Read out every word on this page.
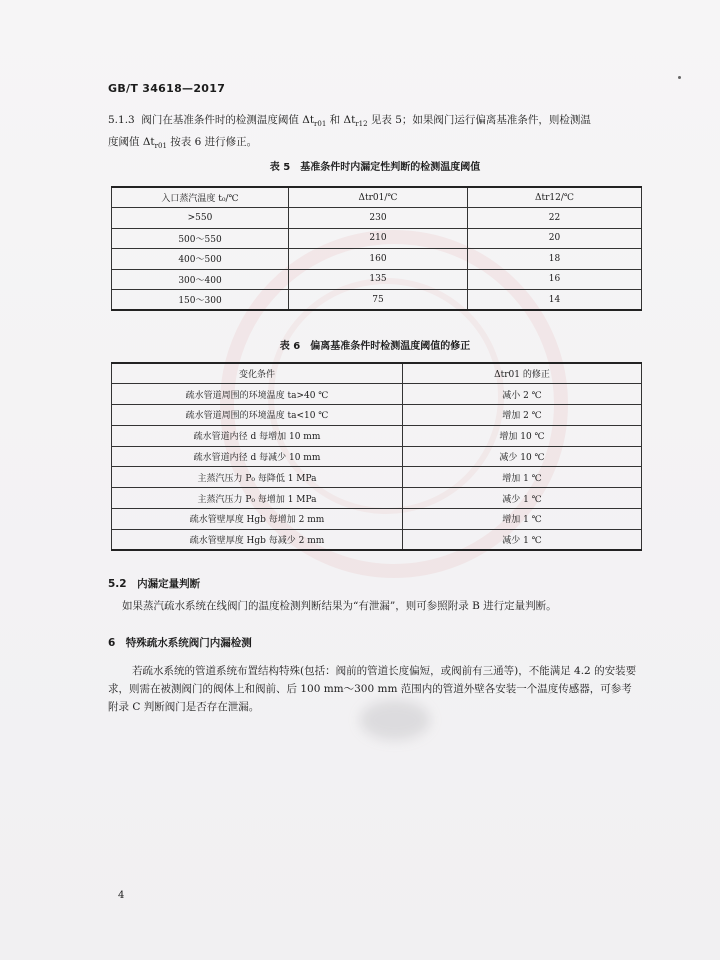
GB/T 34618—2017
5.1.3 阀门在基准条件时的检测温度阈值 $\Delta t_{r01}$ 和 $\Delta t_{r12}$ 见表 5；如果阀门运行偏离基准条件，则检测温
度阈值 $\Delta t_{r01}$ 按表 6 进行修正。
表 5　基准条件时内漏定性判断的检测温度阈值
入口蒸汽温度 t₀/℃	Δtr01/℃	Δtr12/℃
>550	230	22
500～550	210	20
400～500	160	18
300～400	135	16
150～300	75	14
表 6　偏离基准条件时检测温度阈值的修正
变化条件	Δtr01 的修正
疏水管道周围的环境温度 ta>40 ℃	减小 2 ℃
疏水管道周围的环境温度 ta<10 ℃	增加 2 ℃
疏水管道内径 d 每增加 10 mm	增加 10 ℃
疏水管道内径 d 每减少 10 mm	减少 10 ℃
主蒸汽压力 P₀ 每降低 1 MPa	增加 1 ℃
主蒸汽压力 P₀ 每增加 1 MPa	减少 1 ℃
疏水管壁厚度 Hgb 每增加 2 mm	增加 1 ℃
疏水管壁厚度 Hgb 每减少 2 mm	减少 1 ℃
5.2　内漏定量判断
如果蒸汽疏水系统在线阀门的温度检测判断结果为“有泄漏”，则可参照附录 B 进行定量判断。
6　特殊疏水系统阀门内漏检测
若疏水系统的管道系统布置结构特殊(包括：阀前的管道长度偏短，或阀前有三通等)，不能满足 4.2 的安装要求，则需在被测阀门的阀体上和阀前、后 100 mm～300 mm 范围内的管道外壁各安装一个温度传感器，可参考附录 C 判断阀门是否存在泄漏。
4
